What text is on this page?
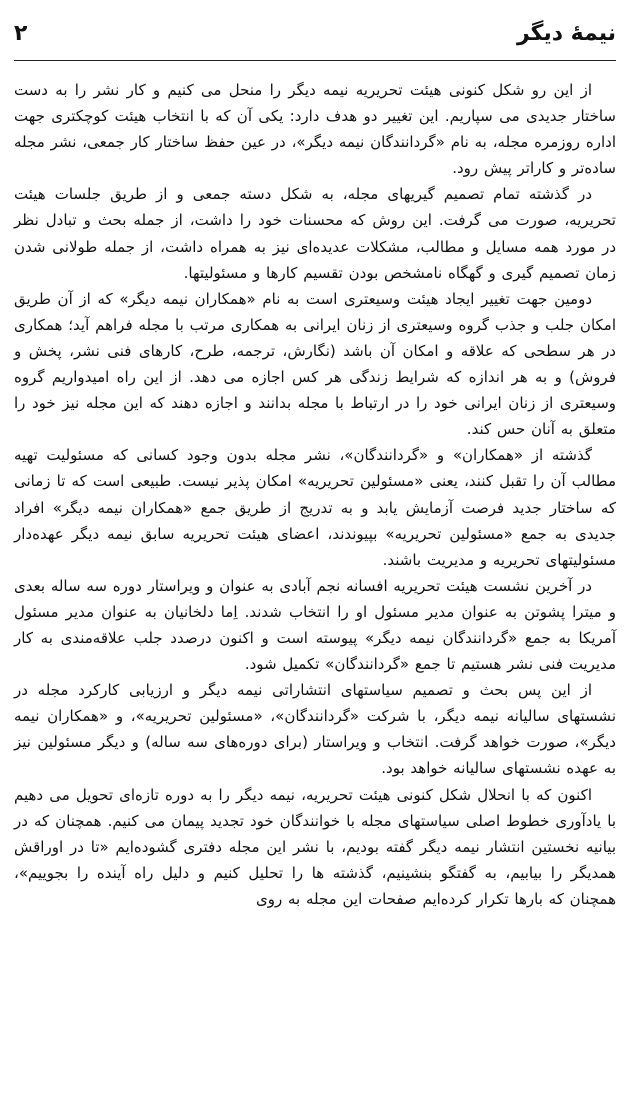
نیمهٔ دیگر
۲

از این رو شکل کنونی هیئت تحریریه نیمه دیگر را منحل می کنیم و کار نشر را به دست ساختار جدیدی می سپاریم. این تغییر دو هدف دارد: یکی آن که با انتخاب هیئت کوچکتری جهت اداره روزمره مجله، به نام «گردانندگان نیمه دیگر»، در عین حفظ ساختار کار جمعی، نشر مجله ساده‌تر و کاراتر پیش رود.

در گذشته تمام تصمیم گیریهای مجله، به شکل دسته جمعی و از طریق جلسات هیئت تحریریه، صورت می گرفت. این روش که محسنات خود را داشت، از جمله بحث و تبادل نظر در مورد همه مسایل و مطالب، مشکلات عدیده‌ای نیز به همراه داشت، از جمله طولانی شدن زمان تصمیم گیری و گهگاه نامشخص بودن تقسیم کارها و مسئولیتها.

دومین جهت تغییر ایجاد هیئت وسیعتری است به نام «همکاران نیمه دیگر» که از آن طریق امکان جلب و جذب گروه وسیعتری از زنان ایرانی به همکاری مرتب با مجله فراهم آید؛ همکاری در هر سطحی که علاقه و امکان آن باشد (نگارش، ترجمه، طرح، کارهای فنی نشر، پخش و فروش) و به هر اندازه که شرایط زندگی هر کس اجازه می دهد. از این راه امیدواریم گروه وسیعتری از زنان ایرانی خود را در ارتباط با مجله بدانند و اجازه دهند که این مجله نیز خود را متعلق به آنان حس کند.

گذشته از «همکاران» و «گردانندگان»، نشر مجله بدون وجود کسانی که مسئولیت تهیه مطالب آن را تقبل کنند، یعنی «مسئولین تحریریه» امکان پذیر نیست. طبیعی است که تا زمانی که ساختار جدید فرصت آزمایش یابد و به تدریج از طریق جمع «همکاران نیمه دیگر» افراد جدیدی به جمع «مسئولین تحریریه» بپیوندند، اعضای هیئت تحریریه سابق نیمه دیگر عهده‌دار مسئولیتهای تحریریه و مدیریت باشند.

در آخرین نشست هیئت تحریریه افسانه نجم آبادی به عنوان و ویراستار دوره سه ساله بعدی و میترا پشوتن به عنوان مدیر مسئول او را انتخاب شدند. اِما دلخانیان به عنوان مدیر مسئول آمریکا به جمع «گردانندگان نیمه دیگر» پیوسته است و اکنون درصدد جلب علاقه‌مندی به کار مدیریت فنی نشر هستیم تا جمع «گردانندگان» تکمیل شود.

از این پس بحث و تصمیم سیاستهای انتشاراتی نیمه دیگر و ارزیابی کارکرد مجله در نشستهای سالیانه نیمه دیگر، با شرکت «گردانندگان»، «مسئولین تحریریه»، و «همکاران نیمه دیگر»، صورت خواهد گرفت. انتخاب و ویراستار (برای دوره‌های سه ساله) و دیگر مسئولین نیز به عهده نشستهای سالیانه خواهد بود.

اکنون که با انحلال شکل کنونی هیئت تحریریه، نیمه دیگر را به دوره تازه‌ای تحویل می دهیم با یادآوری خطوط اصلی سیاستهای مجله با خوانندگان خود تجدید پیمان می کنیم. همچنان که در بیانیه نخستین انتشار نیمه دیگر گفته بودیم، با نشر این مجله دفتری گشوده‌ایم «تا در اوراقش همدیگر را بیابیم، به گفتگو بنشینیم، گذشته ها را تحلیل کنیم و دلیل راه آینده را بجوییم»، همچنان که بارها تکرار کرده‌ایم صفحات این مجله به روی
